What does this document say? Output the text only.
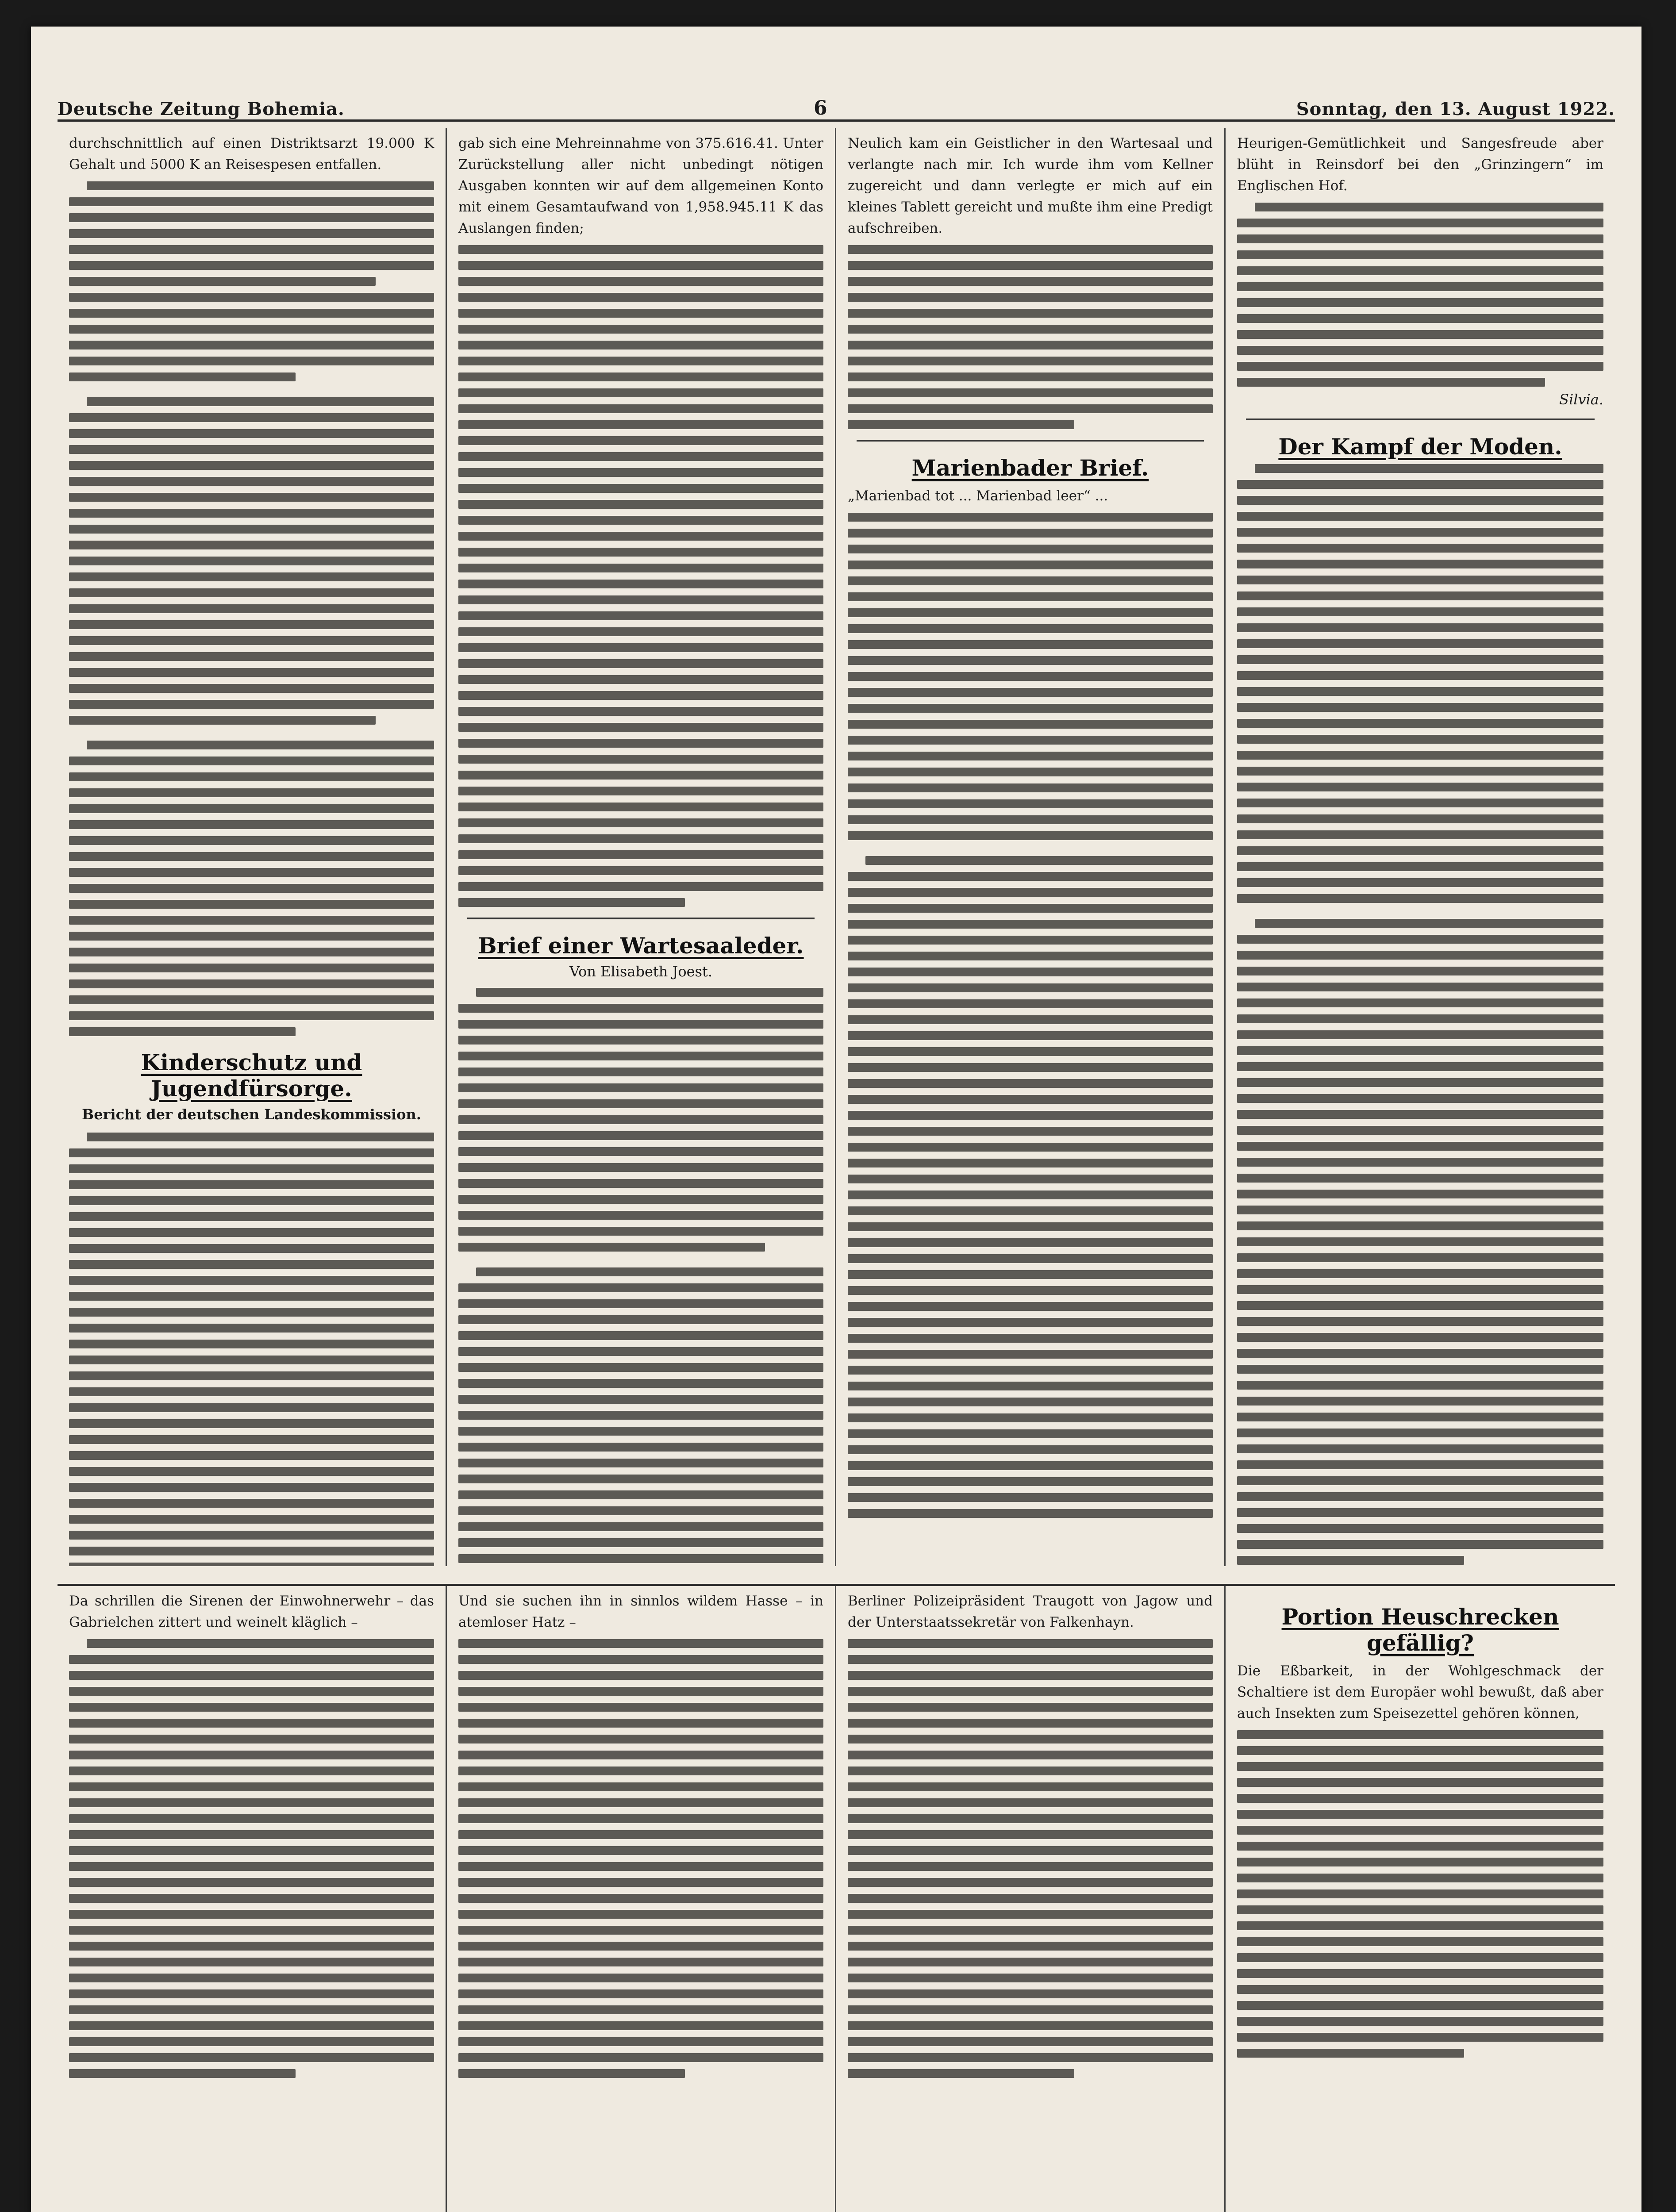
Deutsche Zeitung Bohemia.	6	Sonntag, den 13. August 1922.
durchschnittlich auf einen Distriktsarzt 19.000 K Gehalt und 5000 K an Reisespesen entfallen.
Kinderschutz und Jugendfürsorge.
Bericht der deutschen Landeskommission.
gab sich eine Mehreinnahme von 375.616.41. Unter Zurückstellung aller nicht unbedingt nötigen Ausgaben konnten wir auf dem allgemeinen Konto mit einem Gesamtaufwand von 1,958.945.11 K das Auslangen finden;
Brief einer Wartesaaleder.
Von Elisabeth Joest.
Neulich kam ein Geistlicher in den Wartesaal und verlangte nach mir. Ich wurde ihm vom Kellner zugereicht und dann verlegte er mich auf ein kleines Tablett gereicht und mußte ihm eine Predigt aufschreiben.
Marienbader Brief.
„Marienbad tot ... Marienbad leer“ ...
Heurigen-Gemütlichkeit und Sangesfreude aber blüht in Reinsdorf bei den „Grinzingern“ im Englischen Hof.
Silvia.
Der Kampf der Moden.
Da schrillen die Sirenen der Einwohnerwehr – das Gabrielchen zittert und weinelt kläglich –
Und sie suchen ihn in sinnlos wildem Hasse – in atemloser Hatz –
Berliner Polizeipräsident Traugott von Jagow und der Unterstaatssekretär von Falkenhayn.	Portion Heuschrecken gefällig?
Die Eßbarkeit, in der Wohlgeschmack der Schaltiere ist dem Europäer wohl bewußt, daß aber auch Insekten zum Speisezettel gehören können,
